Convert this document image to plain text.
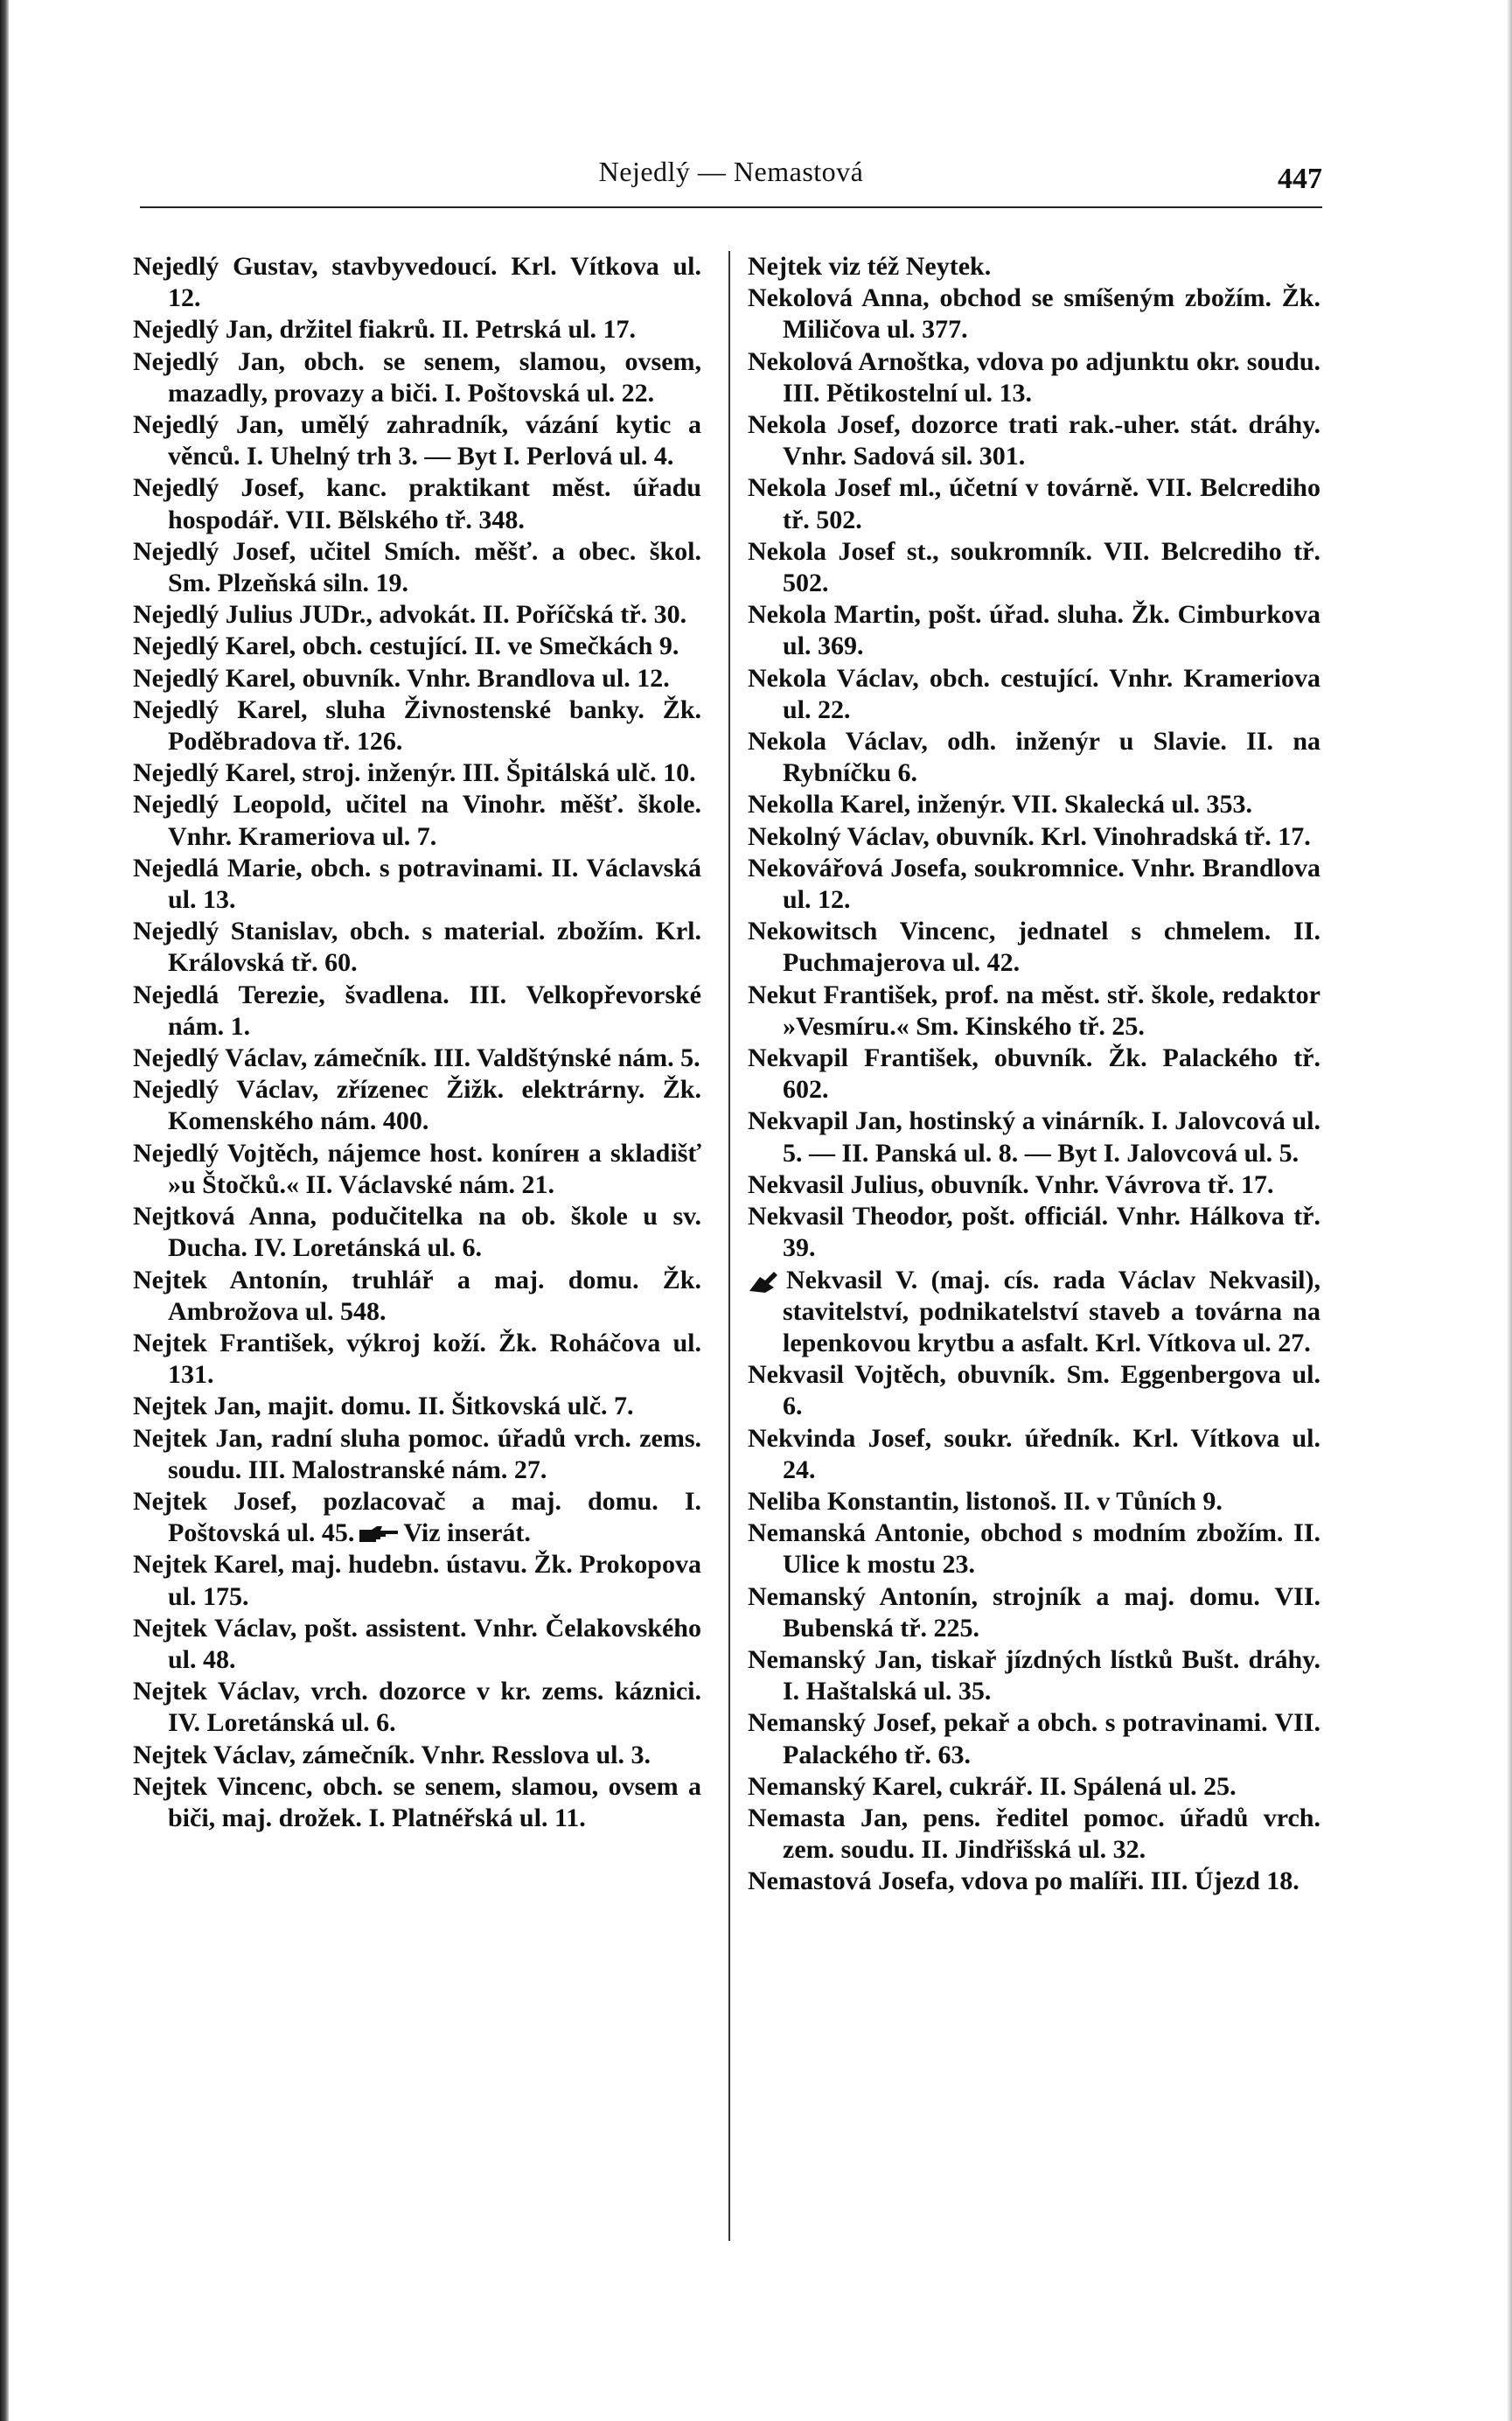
Nejedlý — Nemastová	447
Nejedlý Gustav, stavbyvedoucí. Krl. Vítkova ul. 12.
Nejedlý Jan, držitel fiakrů. II. Petrská ul. 17.
Nejedlý Jan, obch. se senem, slamou, ovsem, mazadly, provazy a biči. I. Poštovská ul. 22.
Nejedlý Jan, umělý zahradník, vázání kytic a věnců. I. Uhelný trh 3. — Byt I. Perlová ul. 4.
Nejedlý Josef, kanc. praktikant měst. úřadu hospodář. VII. Bělského tř. 348.
Nejedlý Josef, učitel Smích. měšť. a obec. škol. Sm. Plzeňská siln. 19.
Nejedlý Julius JUDr., advokát. II. Poříčská tř. 30.
Nejedlý Karel, obch. cestující. II. ve Smečkách 9.
Nejedlý Karel, obuvník. Vnhr. Brandlova ul. 12.
Nejedlý Karel, sluha Živnostenské banky. Žk. Poděbradova tř. 126.
Nejedlý Karel, stroj. inženýr. III. Špitálská ulč. 10.
Nejedlý Leopold, učitel na Vinohr. měšť. škole. Vnhr. Krameriova ul. 7.
Nejedlá Marie, obch. s potravinami. II. Václavská ul. 13.
Nejedlý Stanislav, obch. s material. zbožím. Krl. Královská tř. 60.
Nejedlá Terezie, švadlena. III. Velkopřevorské nám. 1.
Nejedlý Václav, zámečník. III. Valdštýnské nám. 5.
Nejedlý Václav, zřízenec Žižk. elektrárny. Žk. Komenského nám. 400.
Nejedlý Vojtěch, nájemce host. konírен a skladišť »u Štočků.« II. Václavské nám. 21.
Nejtková Anna, podučitelka na ob. škole u sv. Ducha. IV. Loretánská ul. 6.
Nejtek Antonín, truhlář a maj. domu. Žk. Ambrožova ul. 548.
Nejtek František, výkroj koží. Žk. Roháčova ul. 131.
Nejtek Jan, majit. domu. II. Šitkovská ulč. 7.
Nejtek Jan, radní sluha pomoc. úřadů vrch. zems. soudu. III. Malostranské nám. 27.
Nejtek Josef, pozlacovač a maj. domu. I. Poštovská ul. 45. Viz inserát.
Nejtek Karel, maj. hudebn. ústavu. Žk. Prokopova ul. 175.
Nejtek Václav, pošt. assistent. Vnhr. Čelakovského ul. 48.
Nejtek Václav, vrch. dozorce v kr. zems. káznici. IV. Loretánská ul. 6.
Nejtek Václav, zámečník. Vnhr. Resslova ul. 3.
Nejtek Vincenc, obch. se senem, slamou, ovsem a biči, maj. drožek. I. Platnéřská ul. 11.
Nejtek viz též Neytek.
Nekolová Anna, obchod se smíšeným zbožím. Žk. Miličova ul. 377.
Nekolová Arnoštka, vdova po adjunktu okr. soudu. III. Pětikostelní ul. 13.
Nekola Josef, dozorce trati rak.-uher. stát. dráhy. Vnhr. Sadová sil. 301.
Nekola Josef ml., účetní v továrně. VII. Belcrediho tř. 502.
Nekola Josef st., soukromník. VII. Belcrediho tř. 502.
Nekola Martin, pošt. úřad. sluha. Žk. Cimburkova ul. 369.
Nekola Václav, obch. cestující. Vnhr. Krameriova ul. 22.
Nekola Václav, odh. inženýr u Slavie. II. na Rybníčku 6.
Nekolla Karel, inženýr. VII. Skalecká ul. 353.
Nekolný Václav, obuvník. Krl. Vinohradská tř. 17.
Nekovářová Josefa, soukromnice. Vnhr. Brandlova ul. 12.
Nekowitsch Vincenc, jednatel s chmelem. II. Puchmajerova ul. 42.
Nekut František, prof. na měst. stř. škole, redaktor »Vesmíru.« Sm. Kinského tř. 25.
Nekvapil František, obuvník. Žk. Palackého tř. 602.
Nekvapil Jan, hostinský a vinárník. I. Jalovcová ul. 5. — II. Panská ul. 8. — Byt I. Jalovcová ul. 5.
Nekvasil Julius, obuvník. Vnhr. Vávrova tř. 17.
Nekvasil Theodor, pošt. officiál. Vnhr. Hálkova tř. 39.
Nekvasil V. (maj. cís. rada Václav Nekvasil), stavitelství, podnikatelství staveb a továrna na lepenkovou krytbu a asfalt. Krl. Vítkova ul. 27.
Nekvasil Vojtěch, obuvník. Sm. Eggenbergova ul. 6.
Nekvinda Josef, soukr. úředník. Krl. Vítkova ul. 24.
Neliba Konstantin, listonoš. II. v Tůních 9.
Nemanská Antonie, obchod s modním zbožím. II. Ulice k mostu 23.
Nemanský Antonín, strojník a maj. domu. VII. Bubenská tř. 225.
Nemanský Jan, tiskař jízdných lístků Bušt. dráhy. I. Haštalská ul. 35.
Nemanský Josef, pekař a obch. s potravinami. VII. Palackého tř. 63.
Nemanský Karel, cukrář. II. Spálená ul. 25.
Nemasta Jan, pens. ředitel pomoc. úřadů vrch. zem. soudu. II. Jindřišská ul. 32.
Nemastová Josefa, vdova po malíři. III. Újezd 18.
